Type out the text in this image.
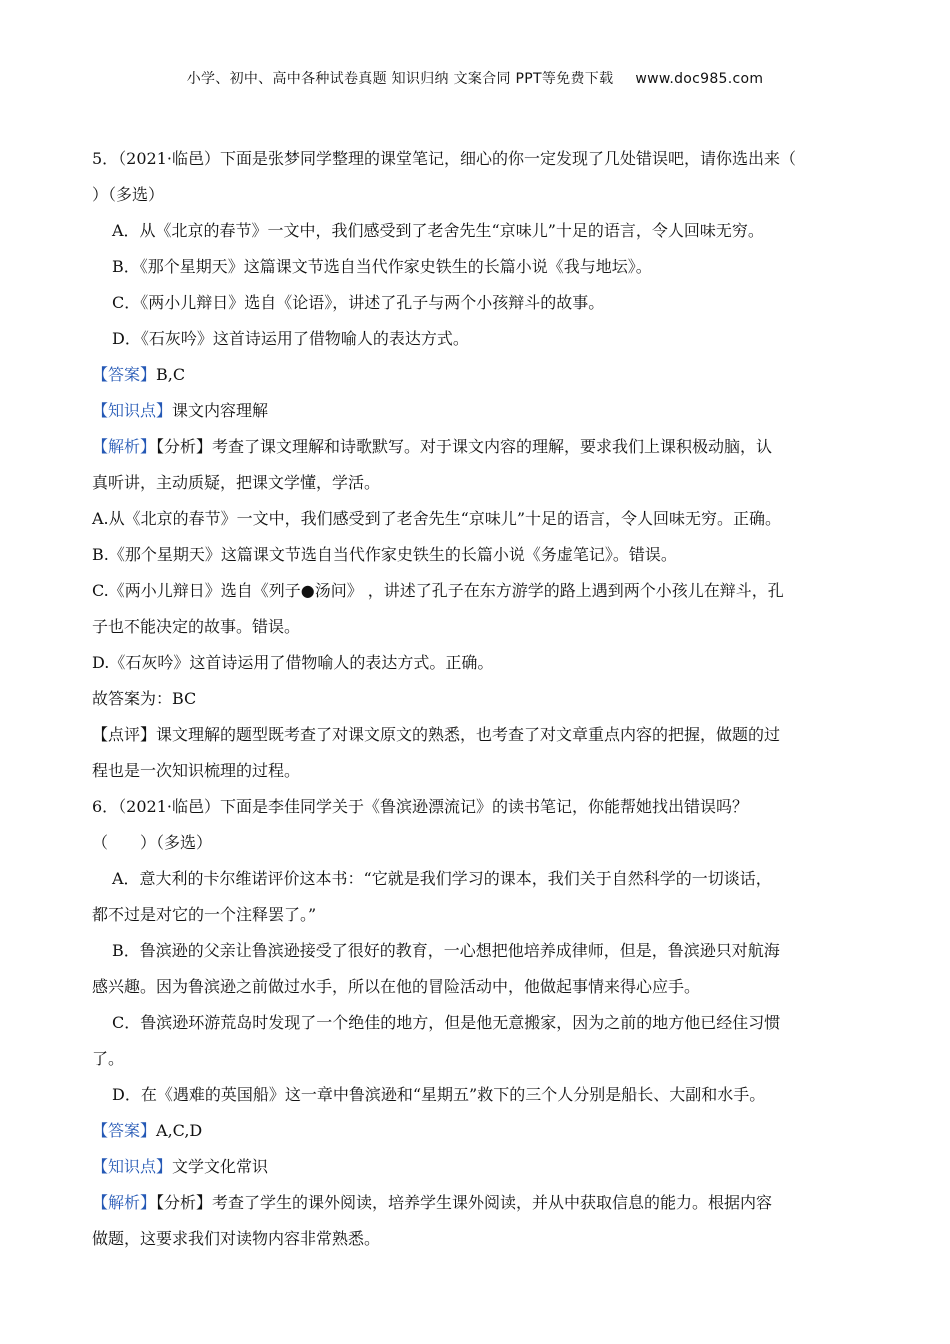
小学、初中、高中各种试卷真题 知识归纳 文案合同 PPT等免费下载 www.doc985.com
5．（2021·临邑）下面是张梦同学整理的课堂笔记，细心的你一定发现了几处错误吧，请你选出来（
）（多选）
A．从《北京的春节》一文中，我们感受到了老舍先生“京味儿”十足的语言，令人回味无穷。
B．《那个星期天》这篇课文节选自当代作家史铁生的长篇小说《我与地坛》。
C．《两小儿辩日》选自《论语》，讲述了孔子与两个小孩辩斗的故事。
D．《石灰吟》这首诗运用了借物喻人的表达方式。
【答案】B,C
【知识点】课文内容理解
【解析】【分析】考查了课文理解和诗歌默写。对于课文内容的理解，要求我们上课积极动脑，认
真听讲，主动质疑，把课文学懂，学活。
A.从《北京的春节》一文中，我们感受到了老舍先生“京味儿”十足的语言，令人回味无穷。正确。
B.《那个星期天》这篇课文节选自当代作家史铁生的长篇小说《务虚笔记》。错误。
C.《两小儿辩日》选自《列子●汤问》 ，讲述了孔子在东方游学的路上遇到两个小孩儿在辩斗，孔
子也不能决定的故事。错误。
D.《石灰吟》这首诗运用了借物喻人的表达方式。正确。
故答案为：BC
【点评】课文理解的题型既考查了对课文原文的熟悉，也考查了对文章重点内容的把握，做题的过
程也是一次知识梳理的过程。
6．（2021·临邑）下面是李佳同学关于《鲁滨逊漂流记》的读书笔记，你能帮她找出错误吗？
（　　）（多选）
A．意大利的卡尔维诺评价这本书：“它就是我们学习的课本，我们关于自然科学的一切谈话，
都不过是对它的一个注释罢了。”
B．鲁滨逊的父亲让鲁滨逊接受了很好的教育，一心想把他培养成律师，但是，鲁滨逊只对航海
感兴趣。因为鲁滨逊之前做过水手，所以在他的冒险活动中，他做起事情来得心应手。
C．鲁滨逊环游荒岛时发现了一个绝佳的地方，但是他无意搬家，因为之前的地方他已经住习惯
了。
D．在《遇难的英国船》这一章中鲁滨逊和“星期五”救下的三个人分别是船长、大副和水手。
【答案】A,C,D
【知识点】文学文化常识
【解析】【分析】考查了学生的课外阅读，培养学生课外阅读，并从中获取信息的能力。根据内容
做题，这要求我们对读物内容非常熟悉。
